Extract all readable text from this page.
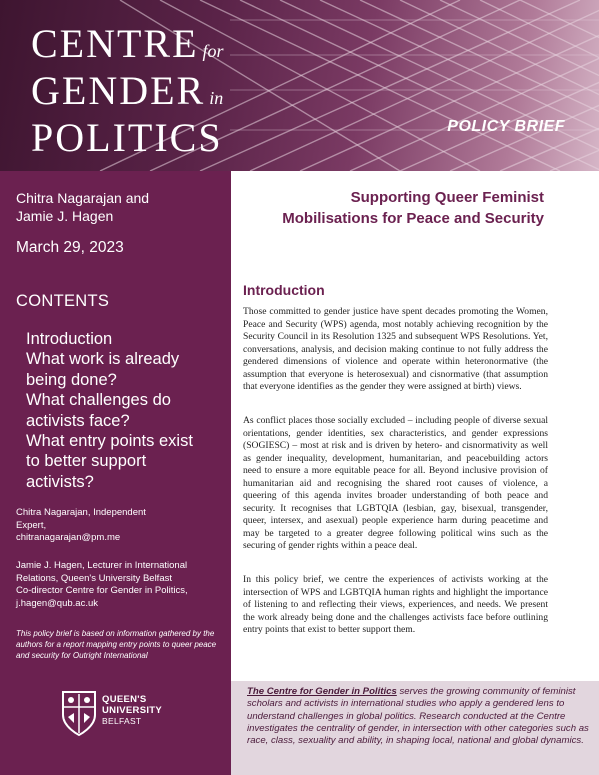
CENTRE for
GENDER in
POLITICS	POLICY BRIEF
Chitra Nagarajan and
Jamie J. Hagen
March 29, 2023
CONTENTS
Introduction
What work is already
being done?
What challenges do
activists face?
What entry points exist
to better support
activists?
Chitra Nagarajan, Independent
Expert,
chitranagarajan@pm.me
Jamie J. Hagen, Lecturer in International
Relations, Queen's University Belfast
Co-director Centre for Gender in Politics,
j.hagen@qub.ac.uk
This policy brief is based on information gathered by the authors for a report mapping entry points to queer peace and security for Outright International
QUEEN'S
UNIVERSITY
BELFAST
Supporting Queer Feminist
Mobilisations for Peace and Security
Introduction

Those committed to gender justice have spent decades promoting the Women, Peace and Security (WPS) agenda, most notably achieving recognition by the Security Council in its Resolution 1325 and subsequent WPS Resolutions. Yet, conversations, analysis, and decision making continue to not fully address the gendered dimensions of violence and operate within heteronormative (the assumption that everyone is heterosexual) and cisnormative (that assumption that everyone identifies as the gender they were assigned at birth) views.

As conflict places those socially excluded – including people of diverse sexual orientations, gender identities, sex characteristics, and gender expressions (SOGIESC) – most at risk and is driven by hetero- and cisnormativity as well as gender inequality, development, humanitarian, and peacebuilding actors need to ensure a more equitable peace for all. Beyond inclusive provision of humanitarian aid and recognising the shared root causes of violence, a queering of this agenda invites broader understanding of both peace and security. It recognises that LGBTQIA (lesbian, gay, bisexual, transgender, queer, intersex, and asexual) people experience harm during peacetime and may be targeted to a greater degree following political wins such as the securing of gender rights within a peace deal.

In this policy brief, we centre the experiences of activists working at the intersection of WPS and LGBTQIA human rights and highlight the importance of listening to and reflecting their views, experiences, and needs. We present the work already being done and the challenges activists face before outlining entry points that exist to better support them.

The Centre for Gender in Politics serves the growing community of feminist scholars and activists in international studies who apply a gendered lens to understand challenges in global politics. Research conducted at the Centre investigates the centrality of gender, in intersection with other categories such as race, class, sexuality and ability, in shaping local, national and global dynamics.
